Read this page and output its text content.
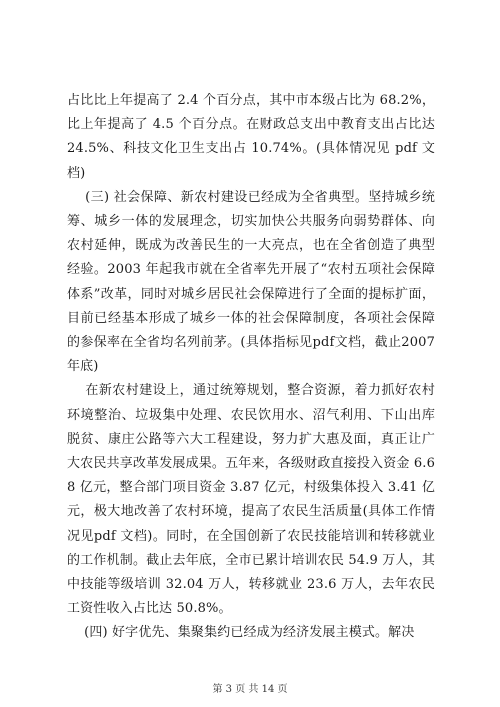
占比比上年提高了 2.4 个百分点，其中市本级占比为 68.2%，比上年提高了 4.5 个百分点。在财政总支出中教育支出占比达 24.5%、科技文化卫生支出占 10.74%。(具体情况见 pdf 文档)

(三) 社会保障、新农村建设已经成为全省典型。坚持城乡统筹、城乡一体的发展理念，切实加快公共服务向弱势群体、向农村延伸，既成为改善民生的一大亮点，也在全省创造了典型经验。2003 年起我市就在全省率先开展了“农村五项社会保障体系”改革，同时对城乡居民社会保障进行了全面的提标扩面，目前已经基本形成了城乡一体的社会保障制度，各项社会保障的参保率在全省均名列前茅。(具体指标见pdf文档，截止2007年底)

在新农村建设上，通过统筹规划，整合资源，着力抓好农村环境整治、垃圾集中处理、农民饮用水、沼气利用、下山出库脱贫、康庄公路等六大工程建设，努力扩大惠及面，真正让广大农民共享改革发展成果。五年来，各级财政直接投入资金 6.68 亿元，整合部门项目资金 3.87 亿元，村级集体投入 3.41 亿元，极大地改善了农村环境，提高了农民生活质量(具体工作情况见pdf 文档)。同时，在全国创新了农民技能培训和转移就业的工作机制。截止去年底，全市已累计培训农民 54.9 万人，其中技能等级培训 32.04 万人，转移就业 23.6 万人，去年农民工资性收入占比达 50.8%。

(四) 好字优先、集聚集约已经成为经济发展主模式。解决

第 3 页 共 14 页
